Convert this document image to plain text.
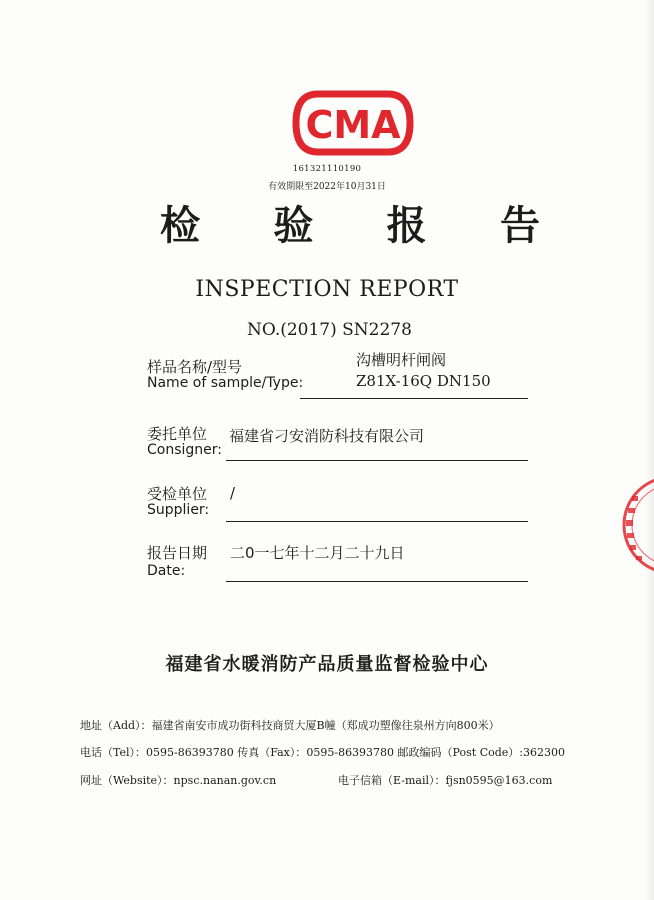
CMA
161321110190
有效期限至2022年10月31日
检 验 报 告
INSPECTION REPORT
NO.(2017) SN2278
样品名称/型号
Name of sample/Type:
沟槽明杆闸阀
Z81X-16Q DN150
委托单位
Consigner:
福建省刁安消防科技有限公司
受检单位
Supplier:
/
报告日期
Date:
二0一七年十二月二十九日
福建省水暖消防产品质量监督检验中心
地址（Add）：福建省南安市成功街科技商贸大厦B幢（郑成功塑像往泉州方向800米）
电话（Tel）：0595-86393780 传真（Fax）：0595-86393780 邮政编码（Post Code）:362300
网址（Website）：npsc.nanan.gov.cn	电子信箱（E-mail）：fjsn0595@163.com
